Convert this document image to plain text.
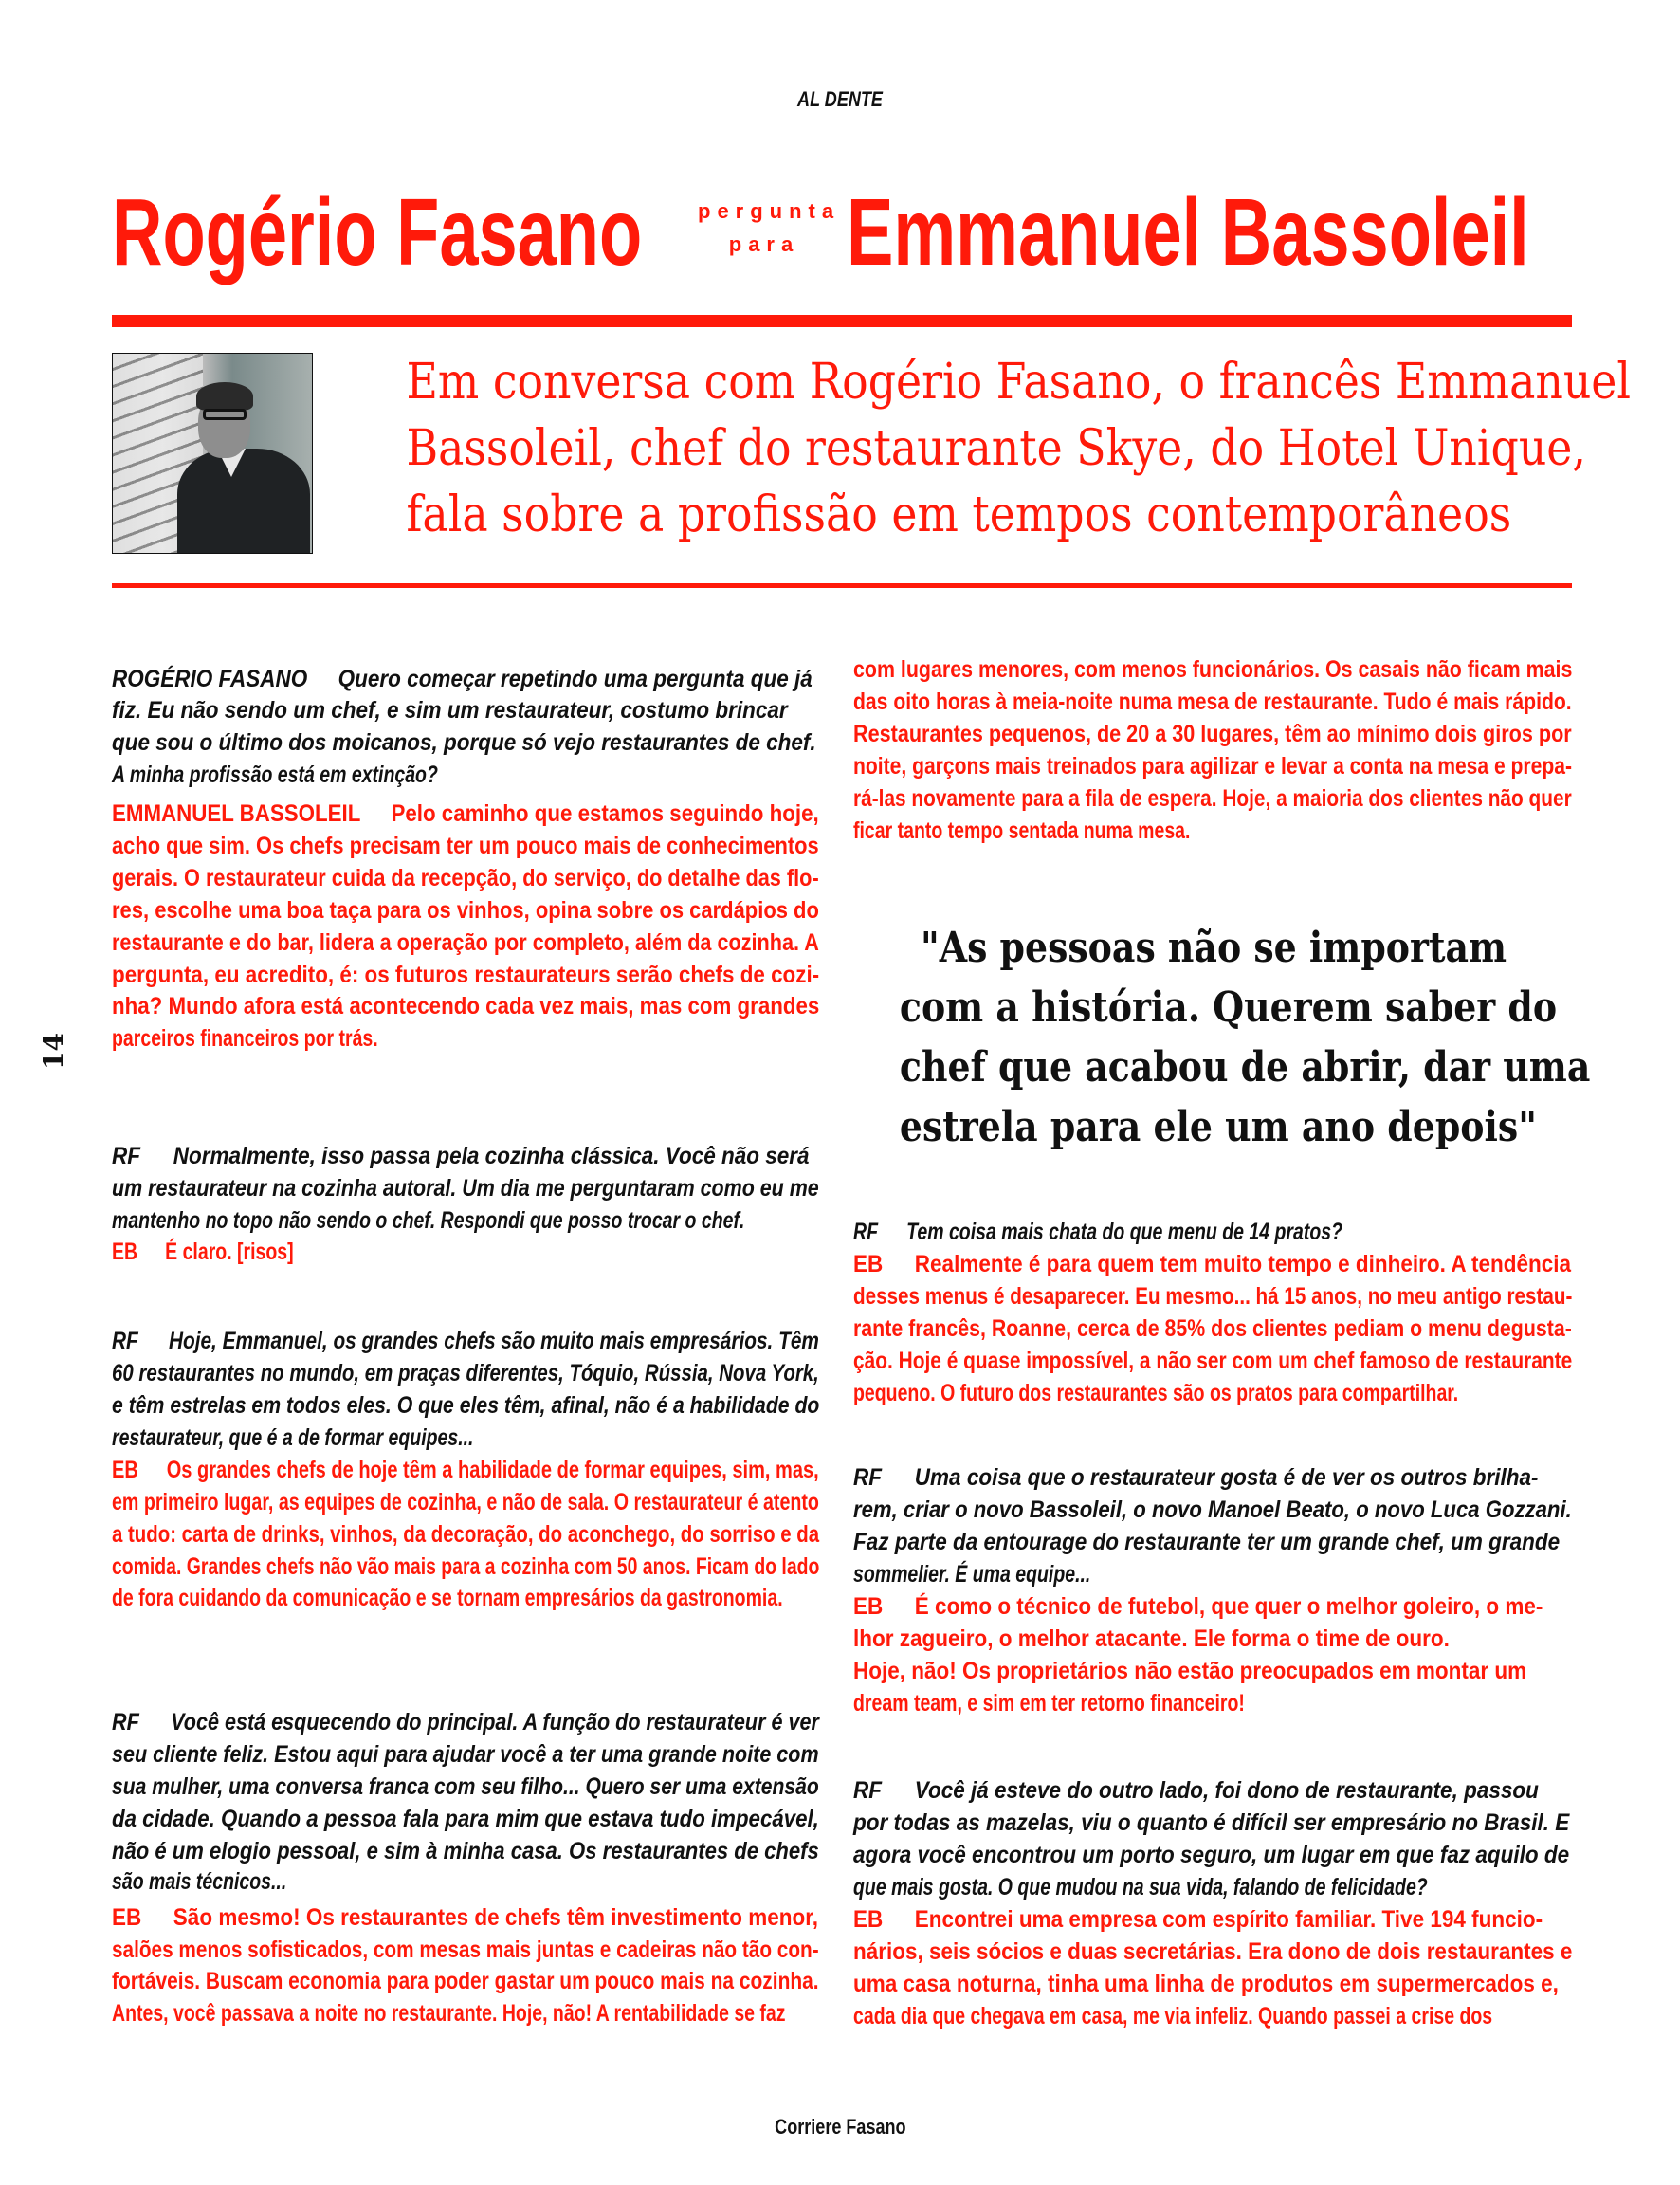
AL DENTE
Rogério Fasano	pergunta
para Emmanuel Bassoleil
Em conversa com Rogério Fasano, o francês Emmanuel
Bassoleil, chef do restaurante Skye, do Hotel Unique,
fala sobre a profissão em tempos contemporâneos
14
ROGÉRIO FASANO Quero começar repetindo uma pergunta que já
fiz. Eu não sendo um chef, e sim um restaurateur, costumo brincar
que sou o último dos moicanos, porque só vejo restaurantes de chef.
A minha profissão está em extinção?
EMMANUEL BASSOLEIL Pelo caminho que estamos seguindo hoje,
acho que sim. Os chefs precisam ter um pouco mais de conhecimentos
gerais. O restaurateur cuida da recepção, do serviço, do detalhe das flo-
res, escolhe uma boa taça para os vinhos, opina sobre os cardápios do
restaurante e do bar, lidera a operação por completo, além da cozinha. A
pergunta, eu acredito, é: os futuros restaurateurs serão chefs de cozi-
nha? Mundo afora está acontecendo cada vez mais, mas com grandes
parceiros financeiros por trás.
RF Normalmente, isso passa pela cozinha clássica. Você não será
um restaurateur na cozinha autoral. Um dia me perguntaram como eu me
mantenho no topo não sendo o chef. Respondi que posso trocar o chef.
EB É claro. [risos]
RF Hoje, Emmanuel, os grandes chefs são muito mais empresários. Têm
60 restaurantes no mundo, em praças diferentes, Tóquio, Rússia, Nova York,
e têm estrelas em todos eles. O que eles têm, afinal, não é a habilidade do
restaurateur, que é a de formar equipes...
EB Os grandes chefs de hoje têm a habilidade de formar equipes, sim, mas,
em primeiro lugar, as equipes de cozinha, e não de sala. O restaurateur é atento
a tudo: carta de drinks, vinhos, da decoração, do aconchego, do sorriso e da
comida. Grandes chefs não vão mais para a cozinha com 50 anos. Ficam do lado
de fora cuidando da comunicação e se tornam empresários da gastronomia.
RF Você está esquecendo do principal. A função do restaurateur é ver
seu cliente feliz. Estou aqui para ajudar você a ter uma grande noite com
sua mulher, uma conversa franca com seu filho... Quero ser uma extensão
da cidade. Quando a pessoa fala para mim que estava tudo impecável,
não é um elogio pessoal, e sim à minha casa. Os restaurantes de chefs
são mais técnicos...
EB São mesmo! Os restaurantes de chefs têm investimento menor,
salões menos sofisticados, com mesas mais juntas e cadeiras não tão con-
fortáveis. Buscam economia para poder gastar um pouco mais na cozinha.
Antes, você passava a noite no restaurante. Hoje, não! A rentabilidade se faz
com lugares menores, com menos funcionários. Os casais não ficam mais
das oito horas à meia-noite numa mesa de restaurante. Tudo é mais rápido.
Restaurantes pequenos, de 20 a 30 lugares, têm ao mínimo dois giros por
noite, garçons mais treinados para agilizar e levar a conta na mesa e prepa-
rá-las novamente para a fila de espera. Hoje, a maioria dos clientes não quer
ficar tanto tempo sentada numa mesa.
RF Tem coisa mais chata do que menu de 14 pratos?
EB Realmente é para quem tem muito tempo e dinheiro. A tendência
desses menus é desaparecer. Eu mesmo... há 15 anos, no meu antigo restau-
rante francês, Roanne, cerca de 85% dos clientes pediam o menu degusta-
ção. Hoje é quase impossível, a não ser com um chef famoso de restaurante
pequeno. O futuro dos restaurantes são os pratos para compartilhar.
RF Uma coisa que o restaurateur gosta é de ver os outros brilha-
rem, criar o novo Bassoleil, o novo Manoel Beato, o novo Luca Gozzani.
Faz parte da entourage do restaurante ter um grande chef, um grande
sommelier. É uma equipe...
EB É como o técnico de futebol, que quer o melhor goleiro, o me-
lhor zagueiro, o melhor atacante. Ele forma o time de ouro.
Hoje, não! Os proprietários não estão preocupados em montar um
dream team, e sim em ter retorno financeiro!
RF Você já esteve do outro lado, foi dono de restaurante, passou
por todas as mazelas, viu o quanto é difícil ser empresário no Brasil. E
agora você encontrou um porto seguro, um lugar em que faz aquilo de
que mais gosta. O que mudou na sua vida, falando de felicidade?
EB Encontrei uma empresa com espírito familiar. Tive 194 funcio-
nários, seis sócios e duas secretárias. Era dono de dois restaurantes e
uma casa noturna, tinha uma linha de produtos em supermercados e,
cada dia que chegava em casa, me via infeliz. Quando passei a crise dos
"As pessoas não se importam
com a história. Querem saber do
chef que acabou de abrir, dar uma
estrela para ele um ano depois"
Corriere Fasano
